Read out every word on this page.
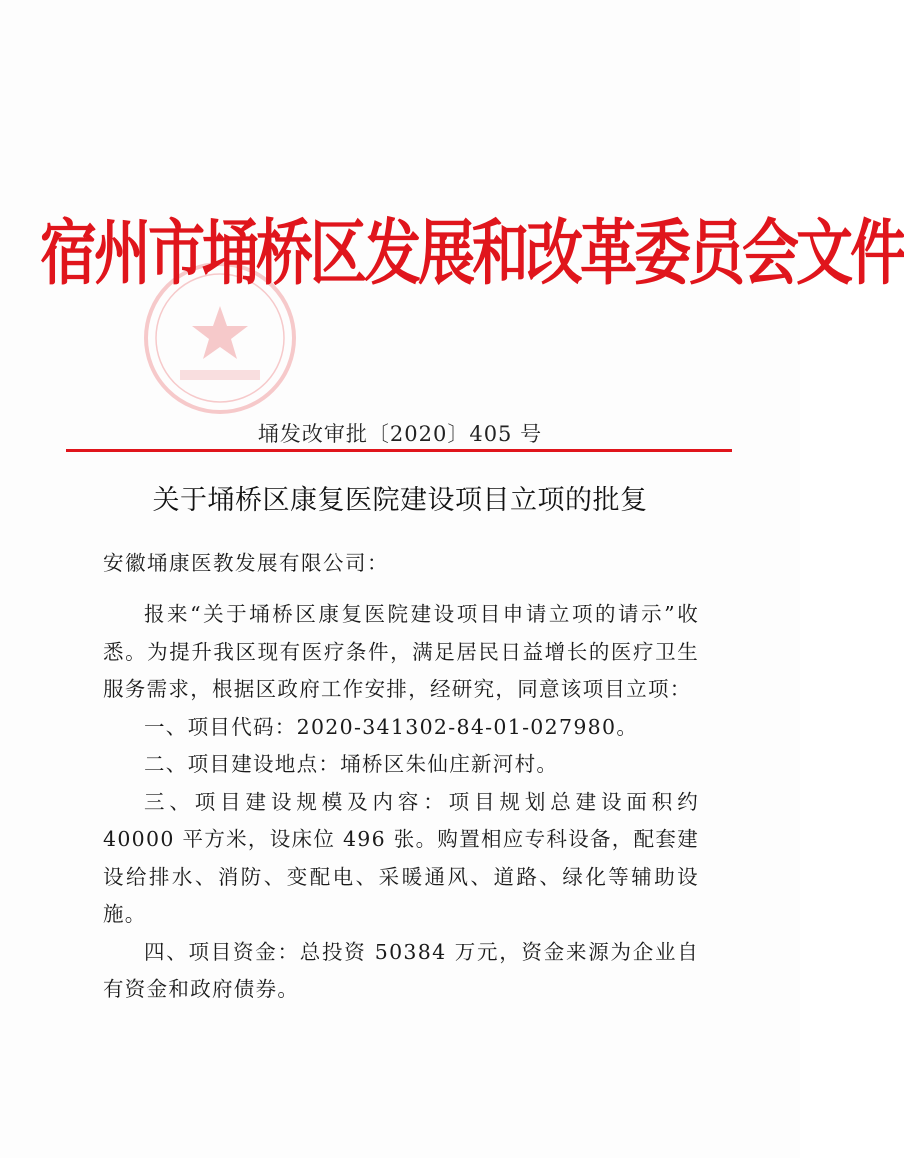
宿州市埇桥区发展和改革委员会文件
埇发改审批〔2020〕405 号
关于埇桥区康复医院建设项目立项的批复
安徽埇康医教发展有限公司：

报来“关于埇桥区康复医院建设项目申请立项的请示”收悉。为提升我区现有医疗条件，满足居民日益增长的医疗卫生服务需求，根据区政府工作安排，经研究，同意该项目立项：

一、项目代码：2020-341302-84-01-027980。

二、项目建设地点：埇桥区朱仙庄新河村。

三、项目建设规模及内容：项目规划总建设面积约 40000 平方米，设床位 496 张。购置相应专科设备，配套建设给排水、消防、变配电、采暖通风、道路、绿化等辅助设施。

四、项目资金：总投资 50384 万元，资金来源为企业自有资金和政府债券。
